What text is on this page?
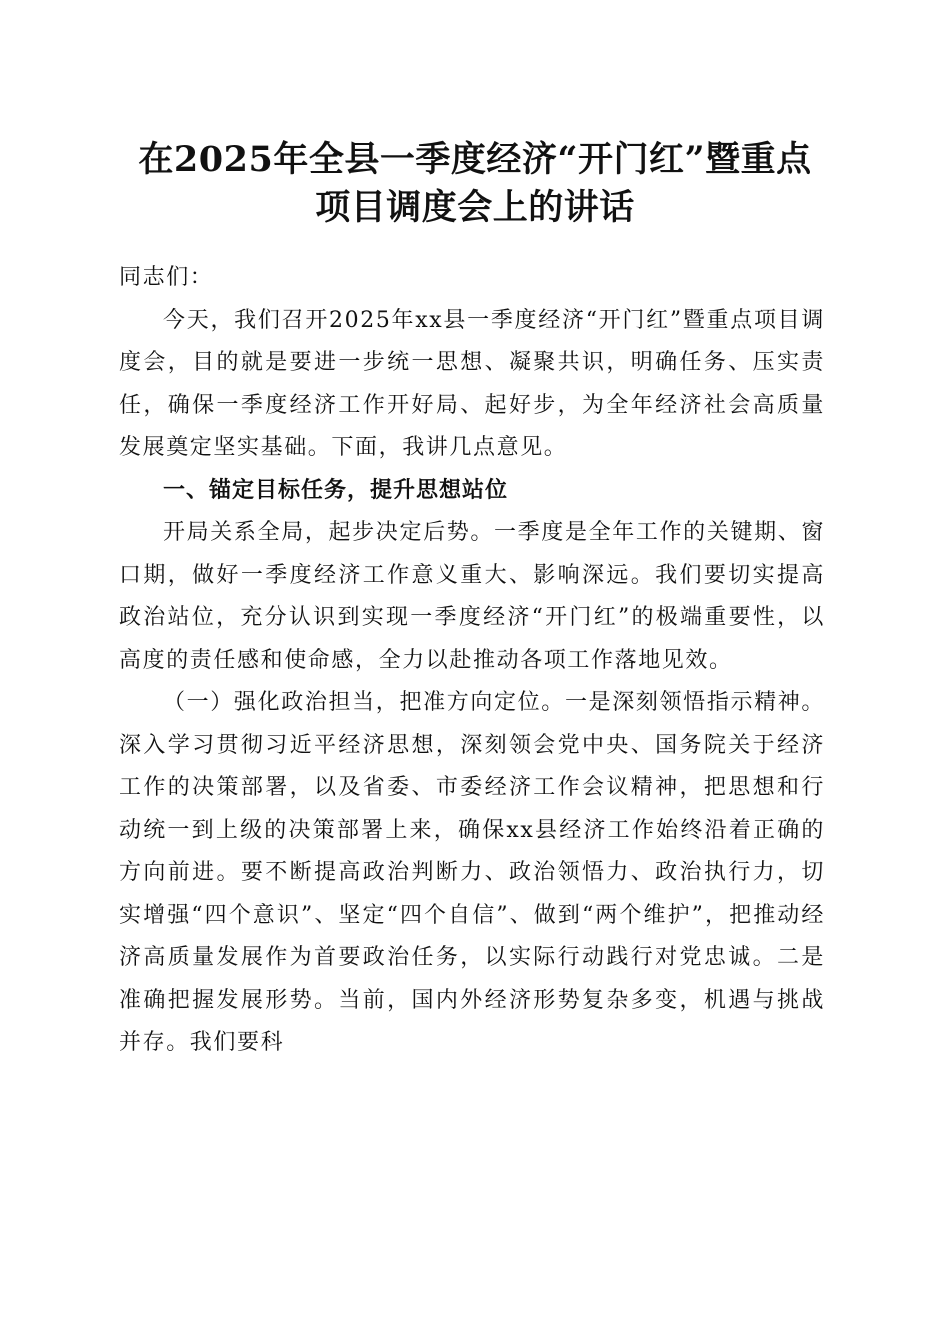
在2025年全县一季度经济“开门红”暨重点
项目调度会上的讲话

同志们：

今天，我们召开2025年xx县一季度经济“开门红”暨重点项目调度会，目的就是要进一步统一思想、凝聚共识，明确任务、压实责任，确保一季度经济工作开好局、起好步，为全年经济社会高质量发展奠定坚实基础。下面，我讲几点意见。

一、锚定目标任务，提升思想站位

开局关系全局，起步决定后势。一季度是全年工作的关键期、窗口期，做好一季度经济工作意义重大、影响深远。我们要切实提高政治站位，充分认识到实现一季度经济“开门红”的极端重要性，以高度的责任感和使命感，全力以赴推动各项工作落地见效。

（一）强化政治担当，把准方向定位。一是深刻领悟指示精神。深入学习贯彻习近平经济思想，深刻领会党中央、国务院关于经济工作的决策部署，以及省委、市委经济工作会议精神，把思想和行动统一到上级的决策部署上来，确保xx县经济工作始终沿着正确的方向前进。要不断提高政治判断力、政治领悟力、政治执行力，切实增强“四个意识”、坚定“四个自信”、做到“两个维护”，把推动经济高质量发展作为首要政治任务，以实际行动践行对党忠诚。二是准确把握发展形势。当前，国内外经济形势复杂多变，机遇与挑战并存。我们要科
